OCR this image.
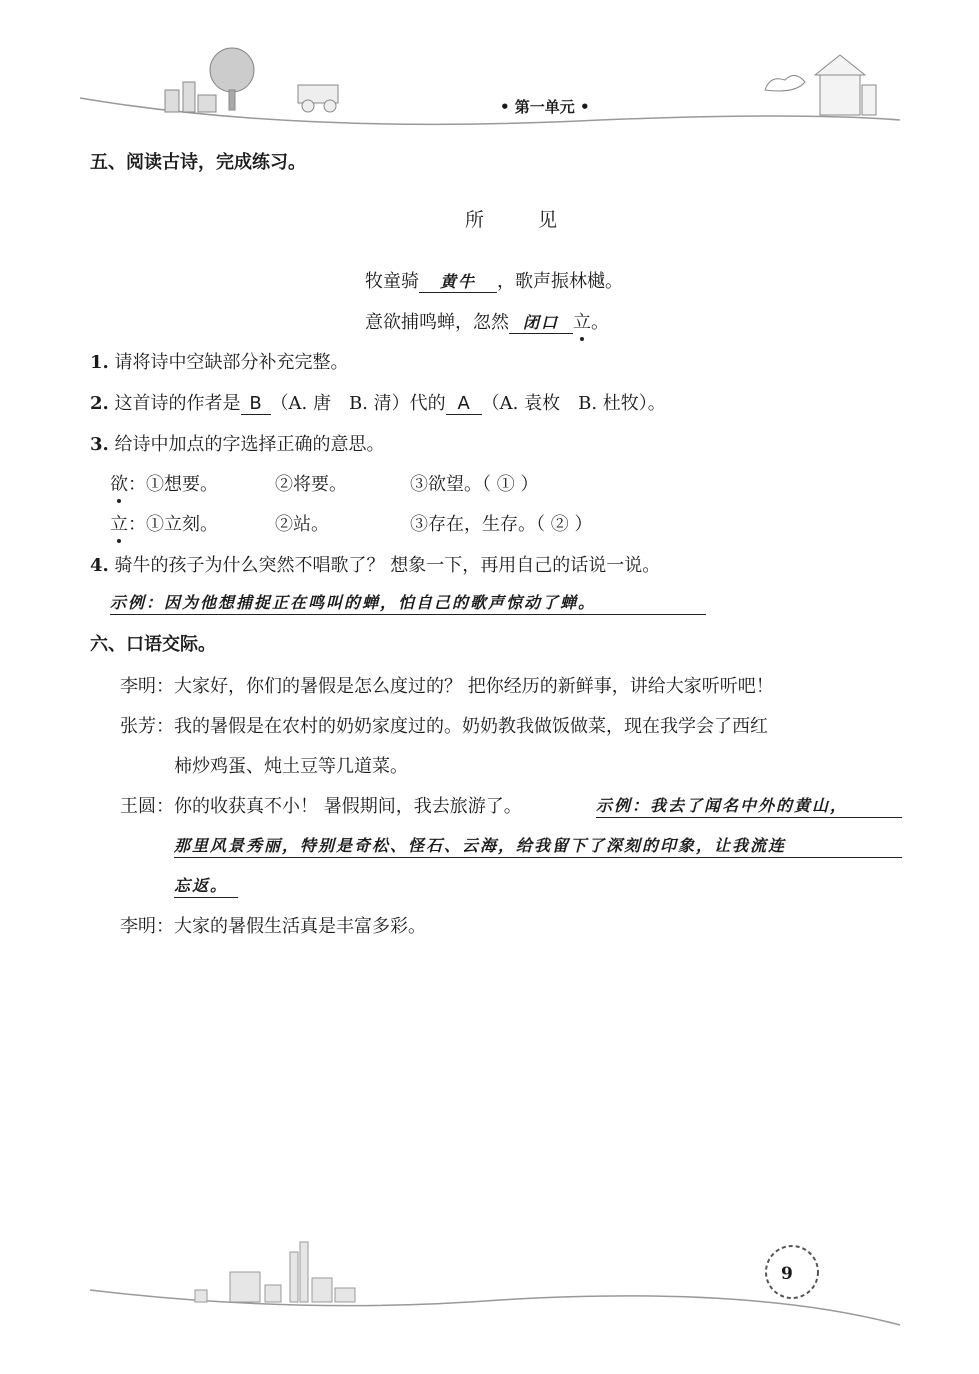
• 第一单元 •
五、阅读古诗，完成练习。
所 见
牧童骑 黄牛 ，歌声振林樾。
意欲捕鸣蝉，忽然 闭口 立。
1. 请将诗中空缺部分补充完整。
2. 这首诗的作者是 B （A. 唐　B. 清）代的 A （A. 袁枚　B. 杜牧）。
3. 给诗中加点的字选择正确的意思。
欲：①想要。	②将要。	③欲望。（ ① ）
立：①立刻。	②站。	③存在，生存。（ ② ）
4. 骑牛的孩子为什么突然不唱歌了？ 想象一下，再用自己的话说一说。
示例：因为他想捕捉正在鸣叫的蝉，怕自己的歌声惊动了蝉。
六、口语交际。
李明：大家好，你们的暑假是怎么度过的？ 把你经历的新鲜事，讲给大家听听吧！
张芳：我的暑假是在农村的奶奶家度过的。奶奶教我做饭做菜，现在我学会了西红
柿炒鸡蛋、炖土豆等几道菜。
王圆：你的收获真不小！ 暑假期间，我去旅游了。	示例：我去了闻名中外的黄山，
那里风景秀丽，特别是奇松、怪石、云海，给我留下了深刻的印象，让我流连
忘返。
李明：大家的暑假生活真是丰富多彩。
9
